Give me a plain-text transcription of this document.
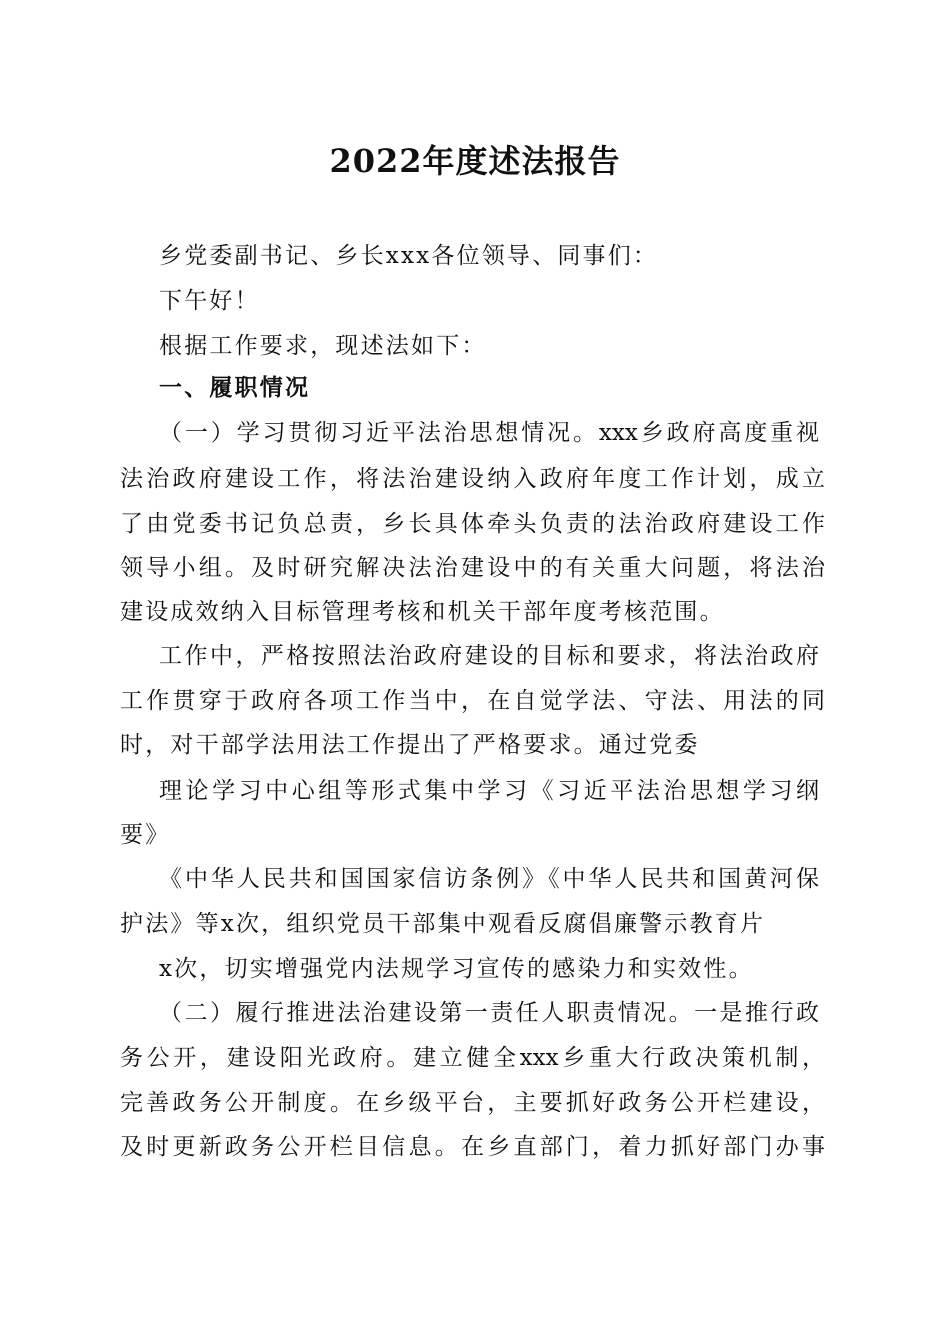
2022年度述法报告
乡党委副书记、乡长xxx各位领导、同事们：
下午好！
根据工作要求，现述法如下：
一、履职情况
（一）学习贯彻习近平法治思想情况。xxx乡政府高度重视
法治政府建设工作，将法治建设纳入政府年度工作计划，成立
了由党委书记负总责，乡长具体牵头负责的法治政府建设工作
领导小组。及时研究解决法治建设中的有关重大问题，将法治
建设成效纳入目标管理考核和机关干部年度考核范围。
工作中，严格按照法治政府建设的目标和要求，将法治政府
工作贯穿于政府各项工作当中，在自觉学法、守法、用法的同
时，对干部学法用法工作提出了严格要求。通过党委
理论学习中心组等形式集中学习《习近平法治思想学习纲
要》
《中华人民共和国国家信访条例》《中华人民共和国黄河保
护法》等x次，组织党员干部集中观看反腐倡廉警示教育片
x次，切实增强党内法规学习宣传的感染力和实效性。
（二）履行推进法治建设第一责任人职责情况。一是推行政
务公开，建设阳光政府。建立健全xxx乡重大行政决策机制，
完善政务公开制度。在乡级平台，主要抓好政务公开栏建设，
及时更新政务公开栏目信息。在乡直部门，着力抓好部门办事
